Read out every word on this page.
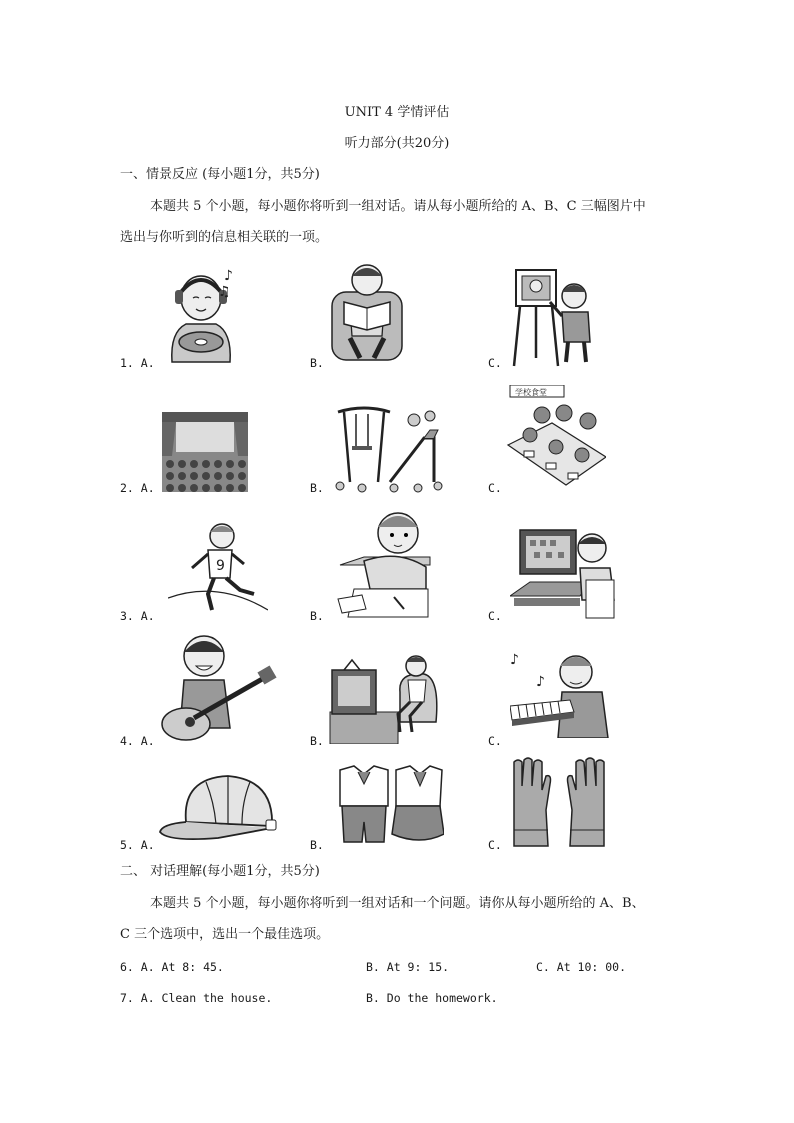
UNIT 4 学情评估
听力部分(共20分)
一、情景反应 (每小题1分，共5分)
本题共 5 个小题，每小题你将听到一组对话。请从每小题所给的 A、B、C 三幅图片中
选出与你听到的信息相关联的一项。
1. A.	B.	C.
♪
♫
2. A.	B.	C.
学校食堂
3. A.	B.	C.
9
4. A.	B.	C.
♪
♪
5. A.	B.	C.
二、 对话理解(每小题1分，共5分)
本题共 5 个小题，每小题你将听到一组对话和一个问题。请你从每小题所给的 A、B、
C 三个选项中，选出一个最佳选项。
6. A. At 8: 45.	B. At 9: 15.	C. At 10: 00.
7. A. Clean the house.	B. Do the homework.
